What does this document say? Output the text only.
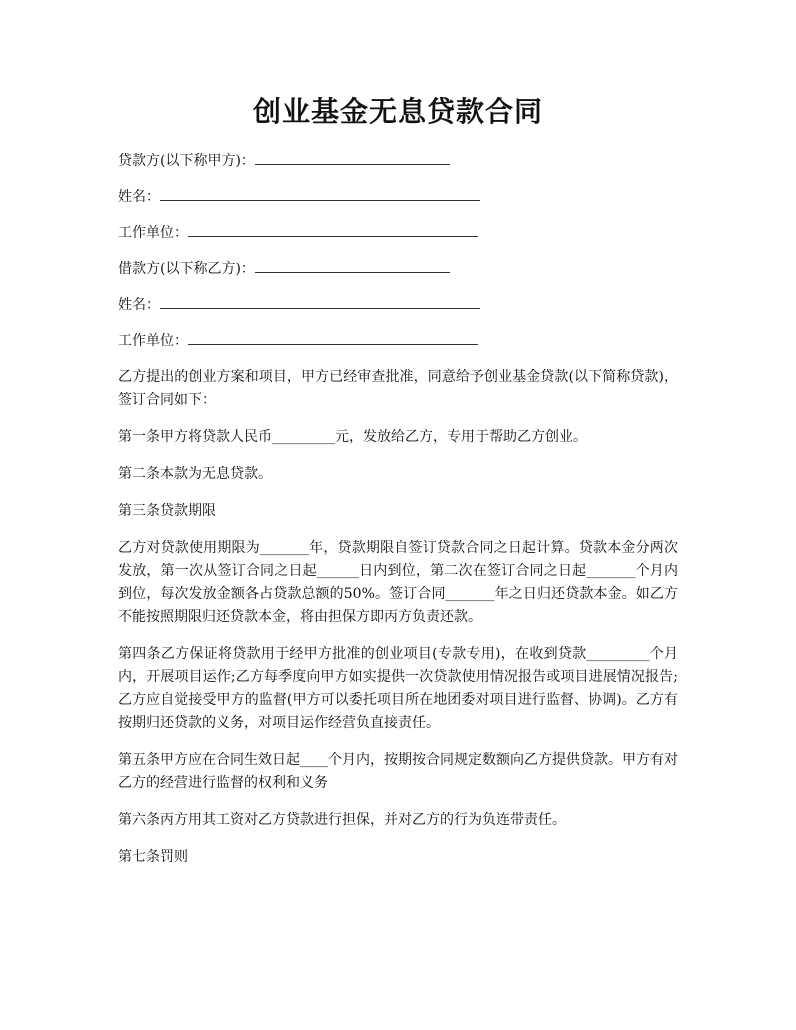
创业基金无息贷款合同
贷款方(以下称甲方)：
姓名：
工作单位：
借款方(以下称乙方)：
姓名：
工作单位：

乙方提出的创业方案和项目，甲方已经审查批准，同意给予创业基金贷款(以下简称贷款)，签订合同如下：

第一条甲方将贷款人民币_________元，发放给乙方，专用于帮助乙方创业。

第二条本款为无息贷款。

第三条贷款期限

乙方对贷款使用期限为_______年，贷款期限自签订贷款合同之日起计算。贷款本金分两次发放，第一次从签订合同之日起______日内到位，第二次在签订合同之日起_______个月内到位，每次发放金额各占贷款总额的50%。签订合同_______年之日归还贷款本金。如乙方不能按照期限归还贷款本金，将由担保方即丙方负责还款。

第四条乙方保证将贷款用于经甲方批准的创业项目(专款专用)，在收到贷款_________个月内，开展项目运作;乙方每季度向甲方如实提供一次贷款使用情况报告或项目进展情况报告;乙方应自觉接受甲方的监督(甲方可以委托项目所在地团委对项目进行监督、协调)。乙方有按期归还贷款的义务，对项目运作经营负直接责任。

第五条甲方应在合同生效日起____个月内，按期按合同规定数额向乙方提供贷款。甲方有对乙方的经营进行监督的权利和义务

第六条丙方用其工资对乙方贷款进行担保，并对乙方的行为负连带责任。

第七条罚则
